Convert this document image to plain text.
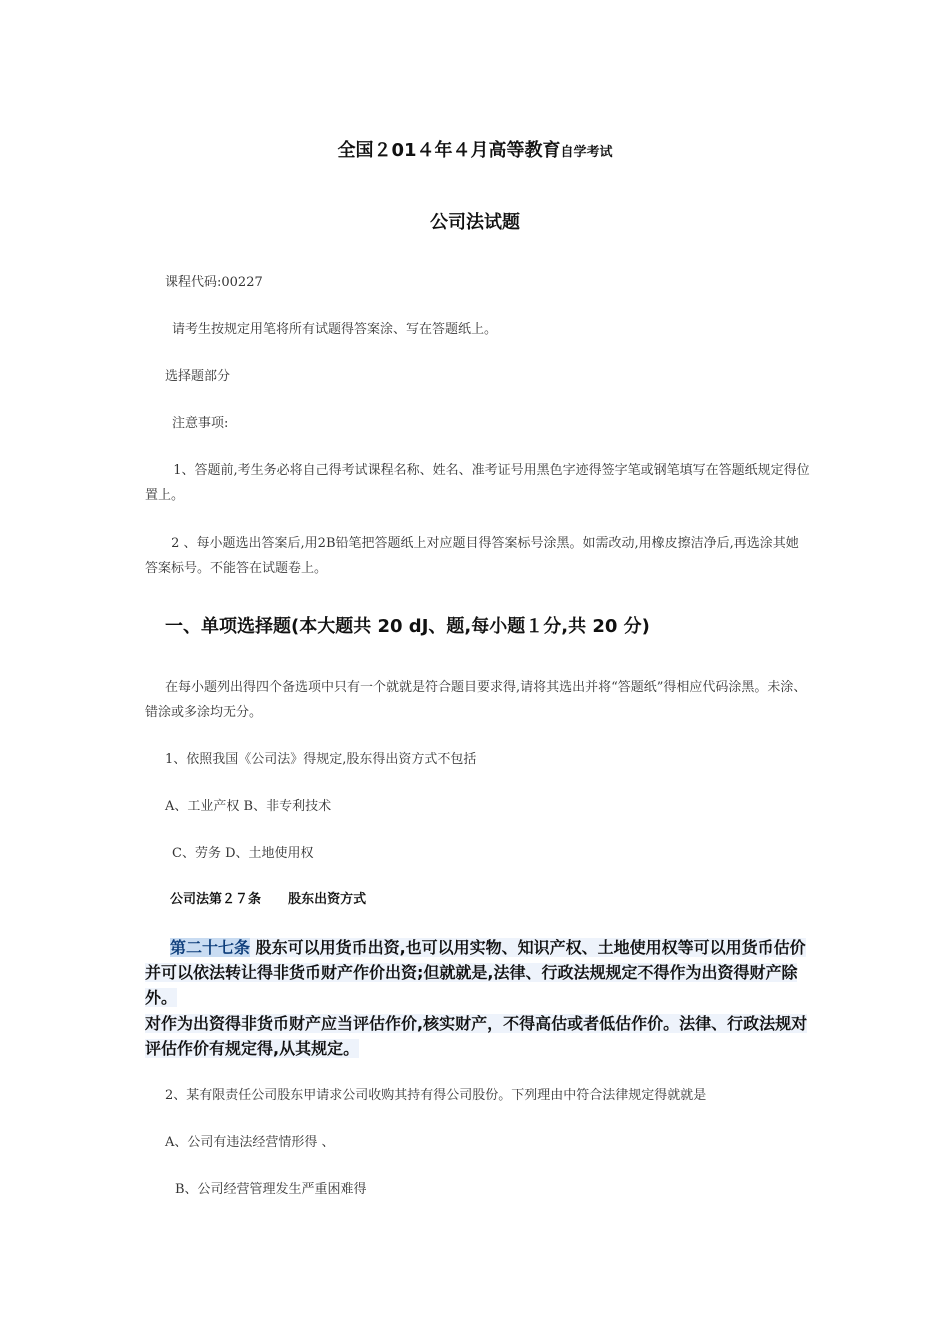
全国２01４年４月高等教育自学考试
公司法试题
课程代码:00227
请考生按规定用笔将所有试题得答案涂、写在答题纸上。
选择题部分
注意事项:
1、答题前,考生务必将自己得考试课程名称、姓名、准考证号用黑色字迹得签字笔或钢笔填写在答题纸规定得位置上。
2 、每小题选出答案后,用2B铅笔把答题纸上对应题目得答案标号涂黑。如需改动,用橡皮擦洁净后,再选涂其她答案标号。不能答在试题卷上。
一、单项选择题(本大题共 20 dJ、题,每小题１分,共 20 分)
在每小题列出得四个备选项中只有一个就就是符合题目要求得,请将其选出并将“答题纸”得相应代码涂黑。未涂、错涂或多涂均无分。
1、依照我国《公司法》得规定,股东得出资方式不包括
A、工业产权 B、非专利技术
C、劳务 D、土地使用权
公司法第２７条      股东出资方式
第二十七条 股东可以用货币出资,也可以用实物、知识产权、土地使用权等可以用货币估价并可以依法转让得非货币财产作价出资;但就就是,法律、行政法规规定不得作为出资得财产除外。
对作为出资得非货币财产应当评估作价,核实财产，不得高估或者低估作价。法律、行政法规对评估作价有规定得,从其规定。
2、某有限责任公司股东甲请求公司收购其持有得公司股份。下列理由中符合法律规定得就就是
A、公司有违法经营情形得 、
B、公司经营管理发生严重困难得
